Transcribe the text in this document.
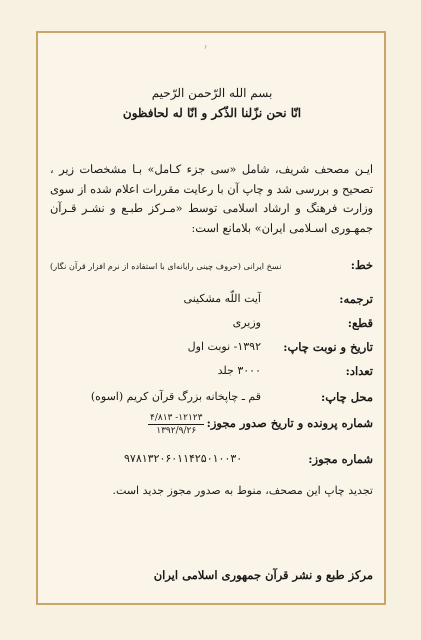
۶
بسم الله الرّحمن الرّحيم
انّا نحن نزّلنا الذّكر و انّا له لحافظون
ايـن مصحف شريف، شامل «سى جزء كـامل» بـا مشخصات زير ، تصحيح و بررسى شد و چاپ آن با رعايت مقررات اعلام شده از سوى وزارت فرهنگ و ارشاد اسلامى توسط «مـركز طبـع و نشـر قـرآن جمهـورى اسـلامى ايران» بلامانع است:
خط:
نسخ ايرانى (حروف چينى رايانه‌اى با استفاده از نرم افزار قرآن نگار)
ترجمه:
آيت اللّه مشكينى
قطع:
وزيرى
تاريخ و نوبت چاپ:
۱۳۹۲- نوبت اول
تعداد:
۳۰۰۰ جلد
محل چاپ:
قم ـ چاپخانه بزرگ قرآن كريم (اسوه)
شماره پرونده و تاريخ صدور مجوز:
۱۲۱۲۳- ۴/۸۱۳
۱۳۹۲/۹/۲۶
شماره مجوز:
۹۷۸۱۳۲۰۶۰۱۱۴۲۵۰۱۰۰۳۰
تجديد چاپ اين مصحف، منوط به صدور مجوز جديد است.
مركز طبع و نشر قرآن جمهورى اسلامى ايران
